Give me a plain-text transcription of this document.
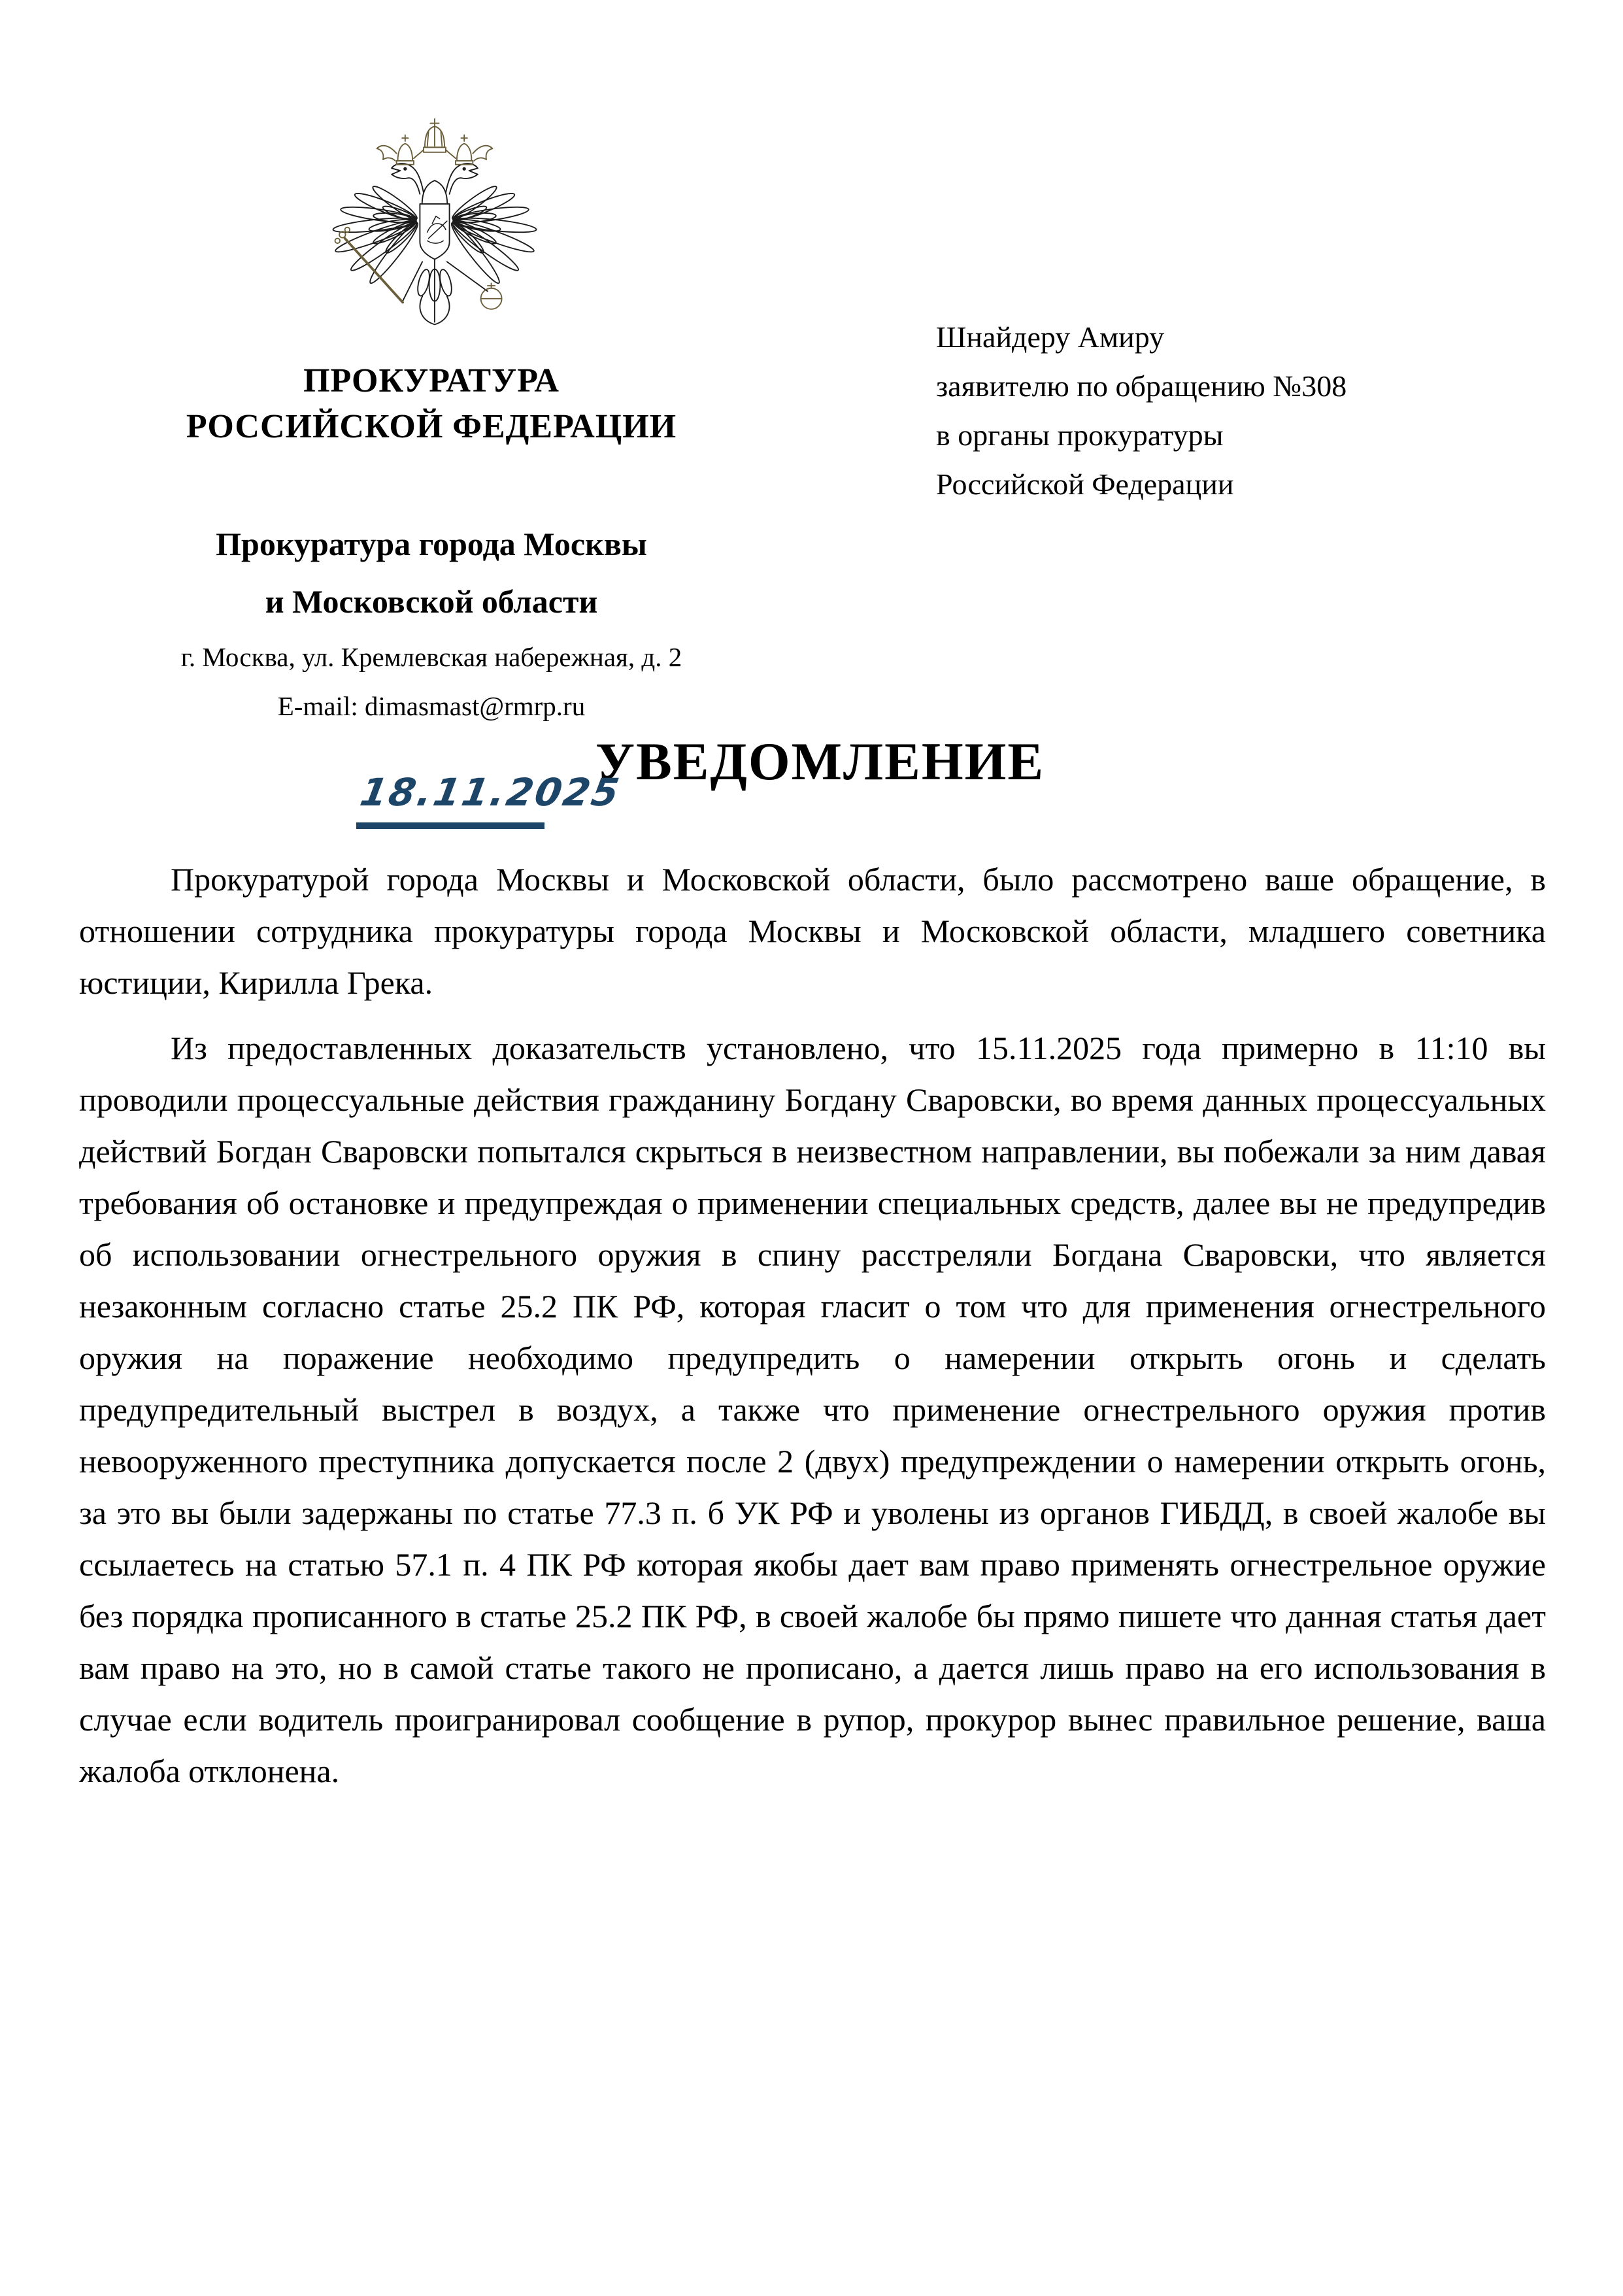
ПРОКУРАТУРА
РОССИЙСКОЙ ФЕДЕРАЦИИ
Прокуратура города Москвы
и Московской области
г. Москва, ул. Кремлевская набережная, д. 2
E-mail: dimasmast@rmrp.ru
Шнайдеру Амиру
заявителю по обращению №308
в органы прокуратуры
Российской Федерации
УВЕДОМЛЕНИЕ
18.11.2025

Прокуратурой города Москвы и Московской области, было рассмотрено ваше обращение, в отношении сотрудника прокуратуры города Москвы и Московской области, младшего советника юстиции, Кирилла Грека.

Из предоставленных доказательств установлено, что 15.11.2025 года примерно в 11:10 вы проводили процессуальные действия гражданину Богдану Сваровски, во время данных процессуальных действий Богдан Сваровски попытался скрыться в неизвестном направлении, вы побежали за ним давая требования об остановке и предупреждая о применении специальных средств, далее вы не предупредив об использовании огнестрельного оружия в спину расстреляли Богдана Сваровски, что является незаконным согласно статье 25.2 ПК РФ, которая гласит о том что для применения огнестрельного оружия на поражение необходимо предупредить о намерении открыть огонь и сделать предупредительный выстрел в воздух, а также что применение огнестрельного оружия против невооруженного преступника допускается после 2 (двух) предупреждении о намерении открыть огонь, за это вы были задержаны по статье 77.3 п. б УК РФ и уволены из органов ГИБДД, в своей жалобе вы ссылаетесь на статью 57.1 п. 4 ПК РФ которая якобы дает вам право применять огнестрельное оружие без порядка прописанного в статье 25.2 ПК РФ, в своей жалобе бы прямо пишете что данная статья дает вам право на это, но в самой статье такого не прописано, а дается лишь право на его использования в случае если водитель проигранировал сообщение в рупор, прокурор вынес правильное решение, ваша жалоба отклонена.
